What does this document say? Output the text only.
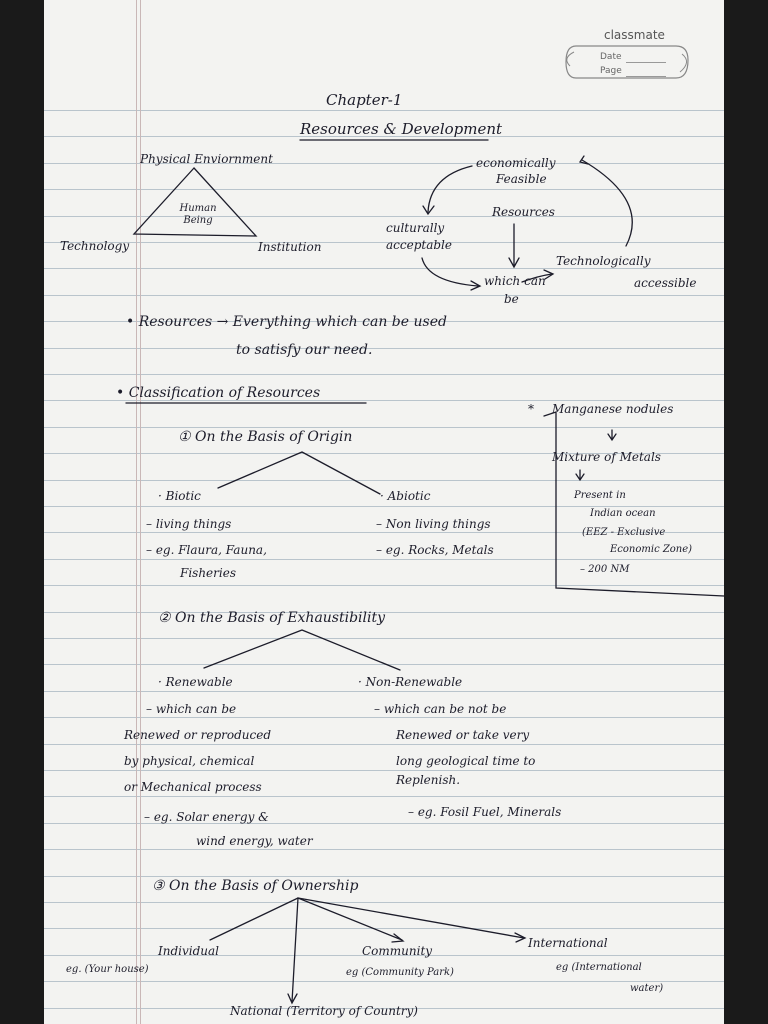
classmate
Date
Page
Chapter-1
Resources & Development
Physical Enviornment
Human Being
Technology	Institution
economically
Feasible
Resources
culturally
acceptable
Technologically
accessible
which can
be
• Resources → Everything which can be used
to satisfy our need.
• Classification of Resources
* Manganese nodules
Mixture of Metals
Present in
Indian ocean
(EEZ - Exclusive
Economic Zone)
– 200 NM
① On the Basis of Origin
· Biotic
– living things
– eg. Flaura, Fauna,
Fisheries
· Abiotic
– Non living things
– eg. Rocks, Metals
② On the Basis of Exhaustibility
· Renewable
– which can be
Renewed or reproduced
by physical, chemical
or Mechanical process
– eg. Solar energy &
wind energy, water
· Non-Renewable
– which can be not be
Renewed or take very
long geological time to
Replenish.
– eg. Fosil Fuel, Minerals
③ On the Basis of Ownership
Individual
eg. (Your house)
Community
eg (Community Park)
International
eg (International
water)
National (Territory of Country)
